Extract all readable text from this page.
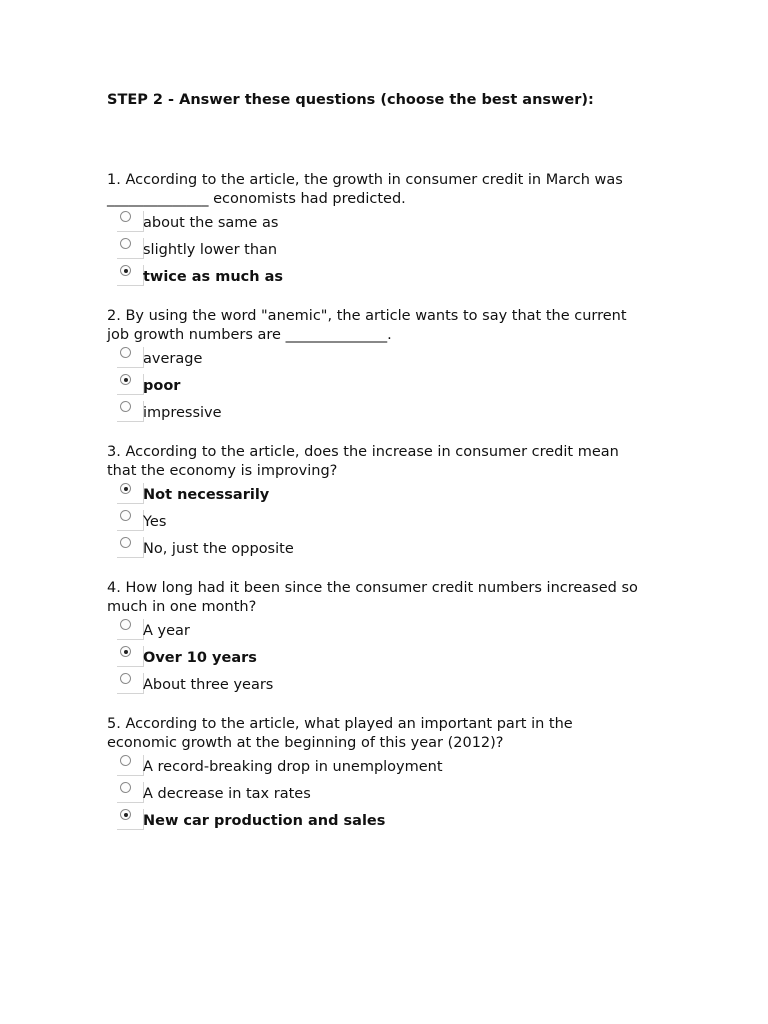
STEP 2 - Answer these questions (choose the best answer):

1. According to the article, the growth in consumer credit in March was
______________ economists had predicted.

about the same as
slightly lower than
twice as much as

2. By using the word "anemic", the article wants to say that the current
job growth numbers are ______________.

average
poor
impressive

3. According to the article, does the increase in consumer credit mean
that the economy is improving?

Not necessarily
Yes
No, just the opposite

4. How long had it been since the consumer credit numbers increased so
much in one month?

A year
Over 10 years
About three years

5. According to the article, what played an important part in the
economic growth at the beginning of this year (2012)?

A record-breaking drop in unemployment
A decrease in tax rates
New car production and sales
